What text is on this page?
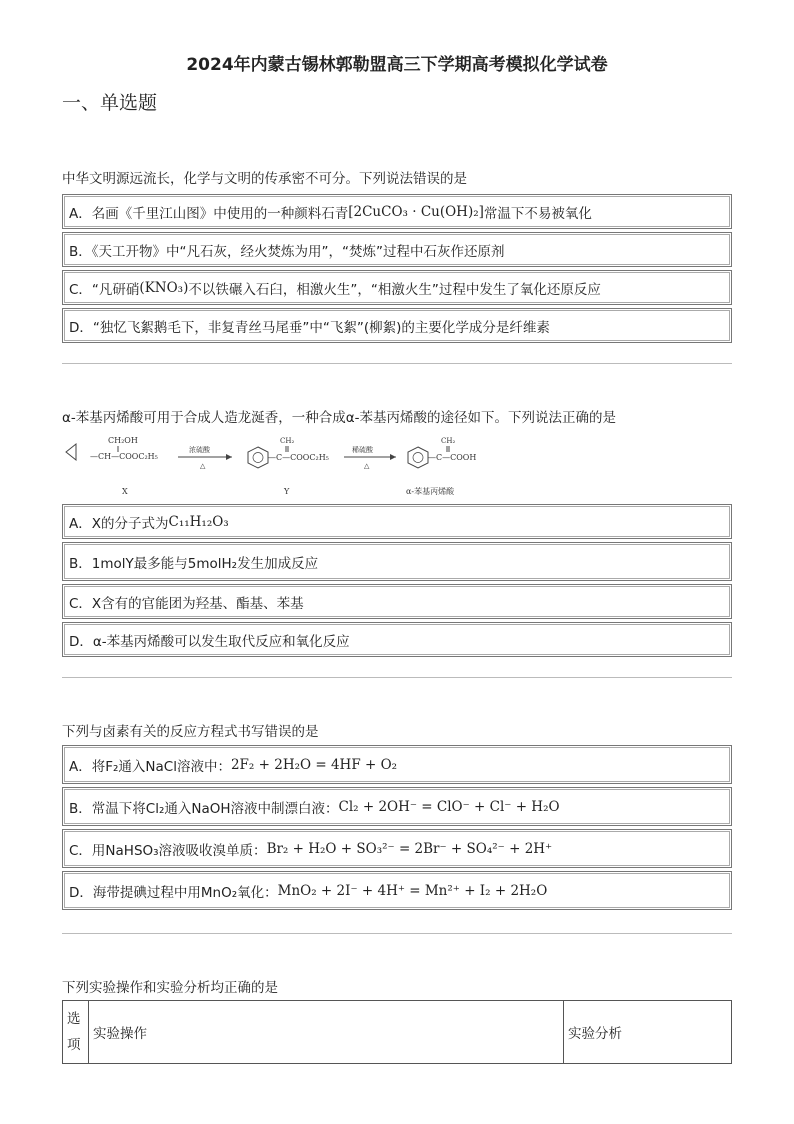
2024年内蒙古锡林郭勒盟高三下学期高考模拟化学试卷
一、单选题
中华文明源远流长，化学与文明的传承密不可分。下列说法错误的是
A．名画《千里江山图》中使用的一种颜料石青 [2CuCO₃ · Cu(OH)₂] 常温下不易被氧化
B．《天工开物》中“凡石灰，经火焚炼为用”，“焚炼”过程中石灰作还原剂
C．“凡研硝 (KNO₃) 不以铁碾入石臼，相激火生”，“相激火生”过程中发生了氧化还原反应
D．“独忆飞絮鹅毛下，非复青丝马尾垂”中“飞絮”(柳絮)的主要化学成分是纤维素
α-苯基丙烯酸可用于合成人造龙涎香，一种合成α-苯基丙烯酸的途径如下。下列说法正确的是
CH₂OH
—CH—COOC₂H₅
X
浓硫酸
△
CH₂
—C—COOC₂H₅
Y
稀硫酸
△
CH₂
—C—COOH
α-苯基丙烯酸
A．X的分子式为 C₁₁H₁₂O₃
B．1molY最多能与5molH₂发生加成反应
C．X含有的官能团为羟基、酯基、苯基
D．α-苯基丙烯酸可以发生取代反应和氧化反应
下列与卤素有关的反应方程式书写错误的是
A．将F₂通入NaCl溶液中： 2F₂ + 2H₂O = 4HF + O₂
B．常温下将Cl₂通入NaOH溶液中制漂白液： Cl₂ + 2OH⁻ = ClO⁻ + Cl⁻ + H₂O
C．用NaHSO₃溶液吸收溴单质： Br₂ + H₂O + SO₃²⁻ = 2Br⁻ + SO₄²⁻ + 2H⁺
D．海带提碘过程中用MnO₂氧化： MnO₂ + 2I⁻ + 4H⁺ = Mn²⁺ + I₂ + 2H₂O
下列实验操作和实验分析均正确的是
选项	实验操作	实验分析
